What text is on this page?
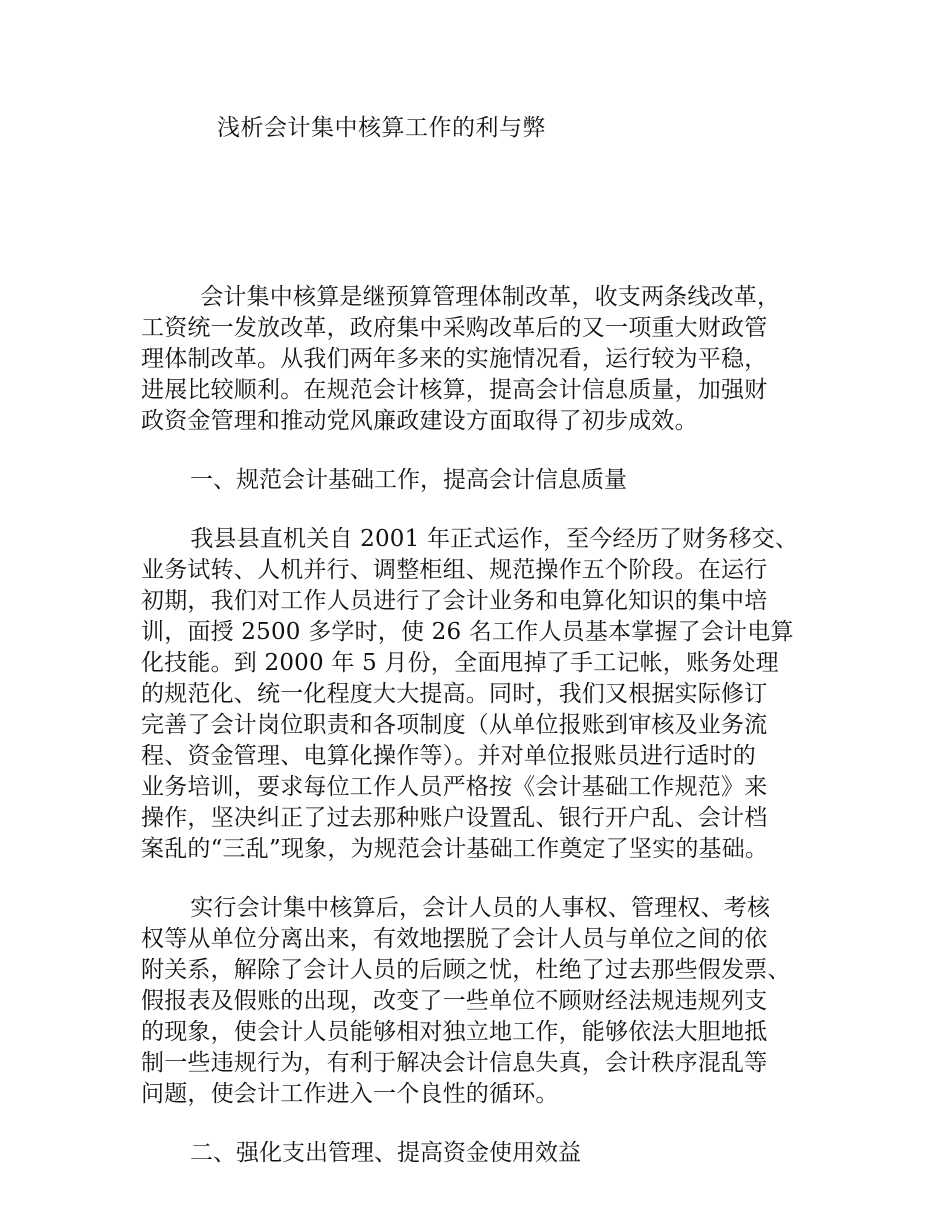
浅析会计集中核算工作的利与弊
　会计集中核算是继预算管理体制改革，收支两条线改革，
工资统一发放改革，政府集中采购改革后的又一项重大财政管
理体制改革。从我们两年多来的实施情况看，运行较为平稳，
进展比较顺利。在规范会计核算，提高会计信息质量，加强财
政资金管理和推动党风廉政建设方面取得了初步成效。
　一、规范会计基础工作，提高会计信息质量
　我县县直机关自 2001 年正式运作，至今经历了财务移交、
业务试转、人机并行、调整柜组、规范操作五个阶段。在运行
初期，我们对工作人员进行了会计业务和电算化知识的集中培
训，面授 2500 多学时，使 26 名工作人员基本掌握了会计电算
化技能。到 2000 年 5 月份，全面甩掉了手工记帐，账务处理
的规范化、统一化程度大大提高。同时，我们又根据实际修订
完善了会计岗位职责和各项制度（从单位报账到审核及业务流
程、资金管理、电算化操作等）。并对单位报账员进行适时的
业务培训，要求每位工作人员严格按《会计基础工作规范》来
操作，坚决纠正了过去那种账户设置乱、银行开户乱、会计档
案乱的“三乱”现象，为规范会计基础工作奠定了坚实的基础。
　实行会计集中核算后，会计人员的人事权、管理权、考核
权等从单位分离出来，有效地摆脱了会计人员与单位之间的依
附关系，解除了会计人员的后顾之忧，杜绝了过去那些假发票、
假报表及假账的出现，改变了一些单位不顾财经法规违规列支
的现象，使会计人员能够相对独立地工作，能够依法大胆地抵
制一些违规行为，有利于解决会计信息失真，会计秩序混乱等
问题，使会计工作进入一个良性的循环。
　二、强化支出管理、提高资金使用效益
